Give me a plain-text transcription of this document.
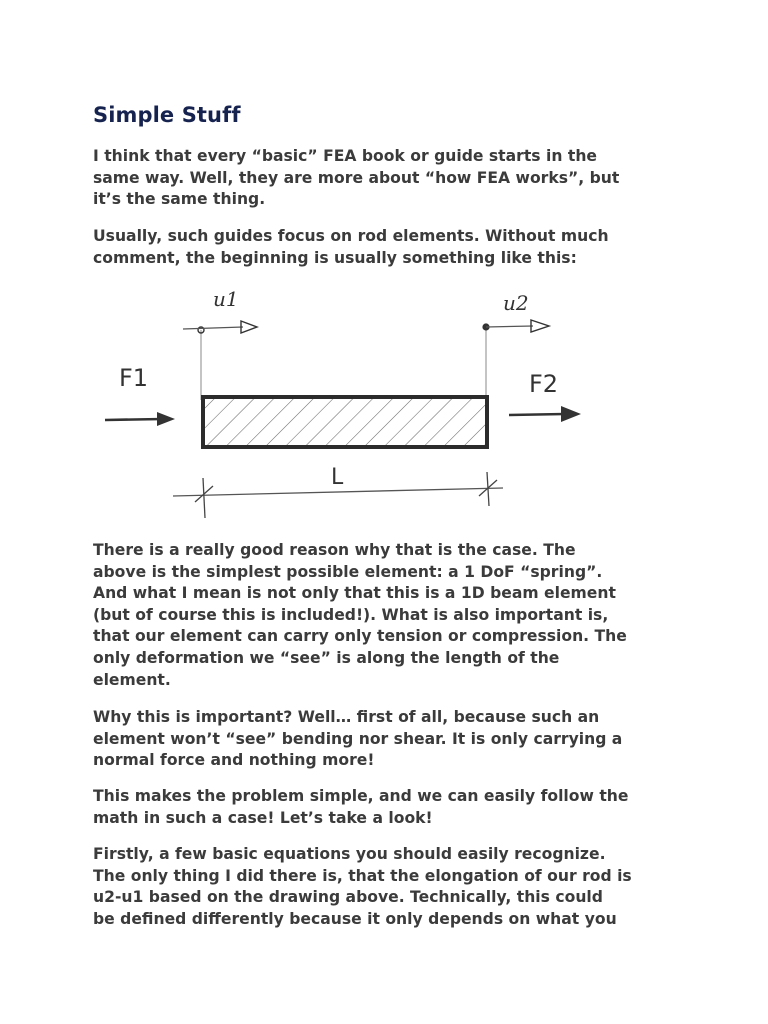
Simple Stuff

I think that every “basic” FEA book or guide starts in the
same way. Well, they are more about “how FEA works”, but
it’s the same thing.

Usually, such guides focus on rod elements. Without much
comment, the beginning is usually something like this:

u1	u2
F1	F2
L

There is a really good reason why that is the case. The
above is the simplest possible element: a 1 DoF “spring”.
And what I mean is not only that this is a 1D beam element
(but of course this is included!). What is also important is,
that our element can carry only tension or compression. The
only deformation we “see” is along the length of the
element.

Why this is important? Well… first of all, because such an
element won’t “see” bending nor shear. It is only carrying a
normal force and nothing more!

This makes the problem simple, and we can easily follow the
math in such a case! Let’s take a look!

Firstly, a few basic equations you should easily recognize.
The only thing I did there is, that the elongation of our rod is
u2-u1 based on the drawing above. Technically, this could
be defined differently because it only depends on what you
